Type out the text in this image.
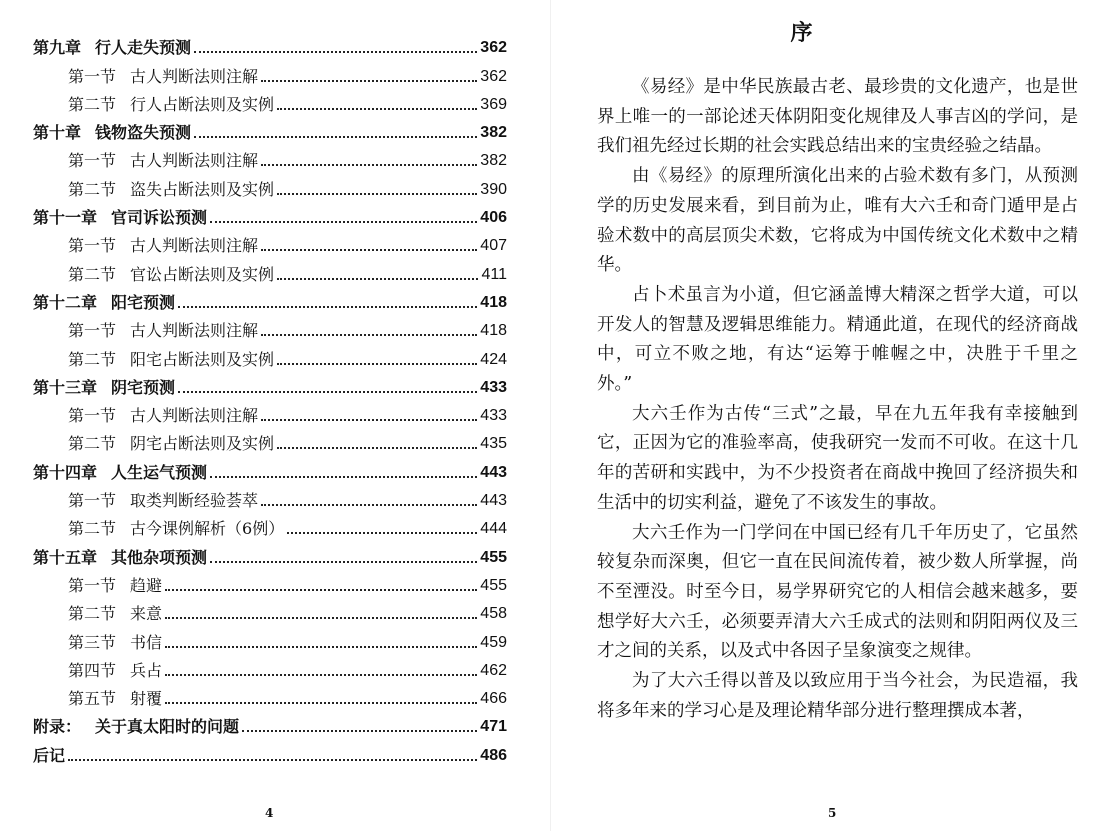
第九章 行人走失预测	362
第一节 古人判断法则注解	362
第二节 行人占断法则及实例	369
第十章 钱物盗失预测	382
第一节 古人判断法则注解	382
第二节 盗失占断法则及实例	390
第十一章 官司诉讼预测	406
第一节 古人判断法则注解	407
第二节 官讼占断法则及实例	411
第十二章 阳宅预测	418
第一节 古人判断法则注解	418
第二节 阳宅占断法则及实例	424
第十三章 阴宅预测	433
第一节 古人判断法则注解	433
第二节 阴宅占断法则及实例	435
第十四章 人生运气预测	443
第一节 取类判断经验荟萃	443
第二节 古今课例解析（6例）	444
第十五章 其他杂项预测	455
第一节 趋避	455
第二节 来意	458
第三节 书信	459
第四节 兵占	462
第五节 射覆	466
附录： 关于真太阳时的问题	471
后记	486
4
序

《易经》是中华民族最古老、最珍贵的文化遗产，也是世界上唯一的一部论述天体阴阳变化规律及人事吉凶的学问，是我们祖先经过长期的社会实践总结出来的宝贵经验之结晶。

由《易经》的原理所演化出来的占验术数有多门，从预测学的历史发展来看，到目前为止，唯有大六壬和奇门遁甲是占验术数中的高层顶尖术数，它将成为中国传统文化术数中之精华。

占卜术虽言为小道，但它涵盖博大精深之哲学大道，可以开发人的智慧及逻辑思维能力。精通此道，在现代的经济商战中，可立不败之地，有达“运筹于帷幄之中，决胜于千里之外。”

大六壬作为古传“三式”之最，早在九五年我有幸接触到它，正因为它的准验率高，使我研究一发而不可收。在这十几年的苦研和实践中，为不少投资者在商战中挽回了经济损失和生活中的切实利益，避免了不该发生的事故。

大六壬作为一门学问在中国已经有几千年历史了，它虽然较复杂而深奥，但它一直在民间流传着，被少数人所掌握，尚不至湮没。时至今日，易学界研究它的人相信会越来越多，要想学好大六壬，必须要弄清大六壬成式的法则和阴阳两仪及三才之间的关系，以及式中各因子呈象演变之规律。

为了大六壬得以普及以致应用于当今社会，为民造福，我将多年来的学习心是及理论精华部分进行整理撰成本著，

5
